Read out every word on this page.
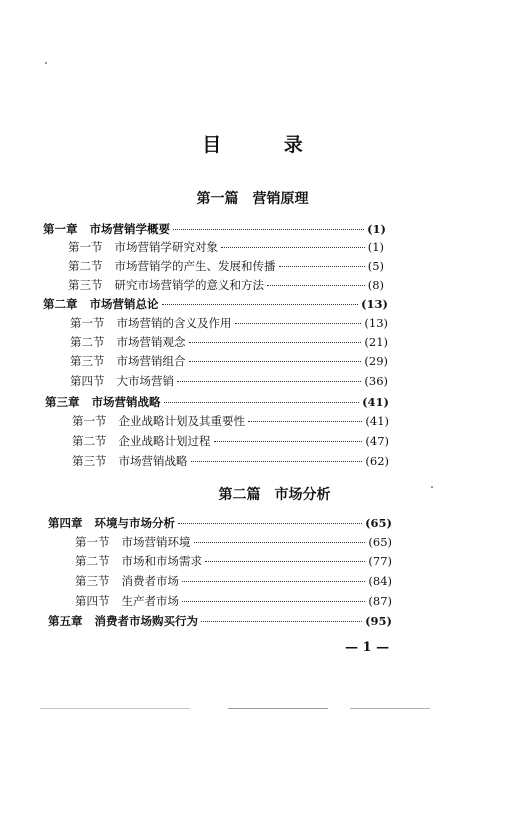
目 录
第一篇 营销原理
第二篇 市场分析
第一章 市场营销学概要	(1)
第一节 市场营销学研究对象	(1)
第二节 市场营销学的产生、发展和传播	(5)
第三节 研究市场营销学的意义和方法	(8)
第二章 市场营销总论	(13)
第一节 市场营销的含义及作用	(13)
第二节 市场营销观念	(21)
第三节 市场营销组合	(29)
第四节 大市场营销	(36)
第三章 市场营销战略	(41)
第一节 企业战略计划及其重要性	(41)
第二节 企业战略计划过程	(47)
第三节 市场营销战略	(62)
第四章 环境与市场分析	(65)
第一节 市场营销环境	(65)
第二节 市场和市场需求	(77)
第三节 消费者市场	(84)
第四节 生产者市场	(87)
第五章 消费者市场购买行为	(95)
— 1 —
